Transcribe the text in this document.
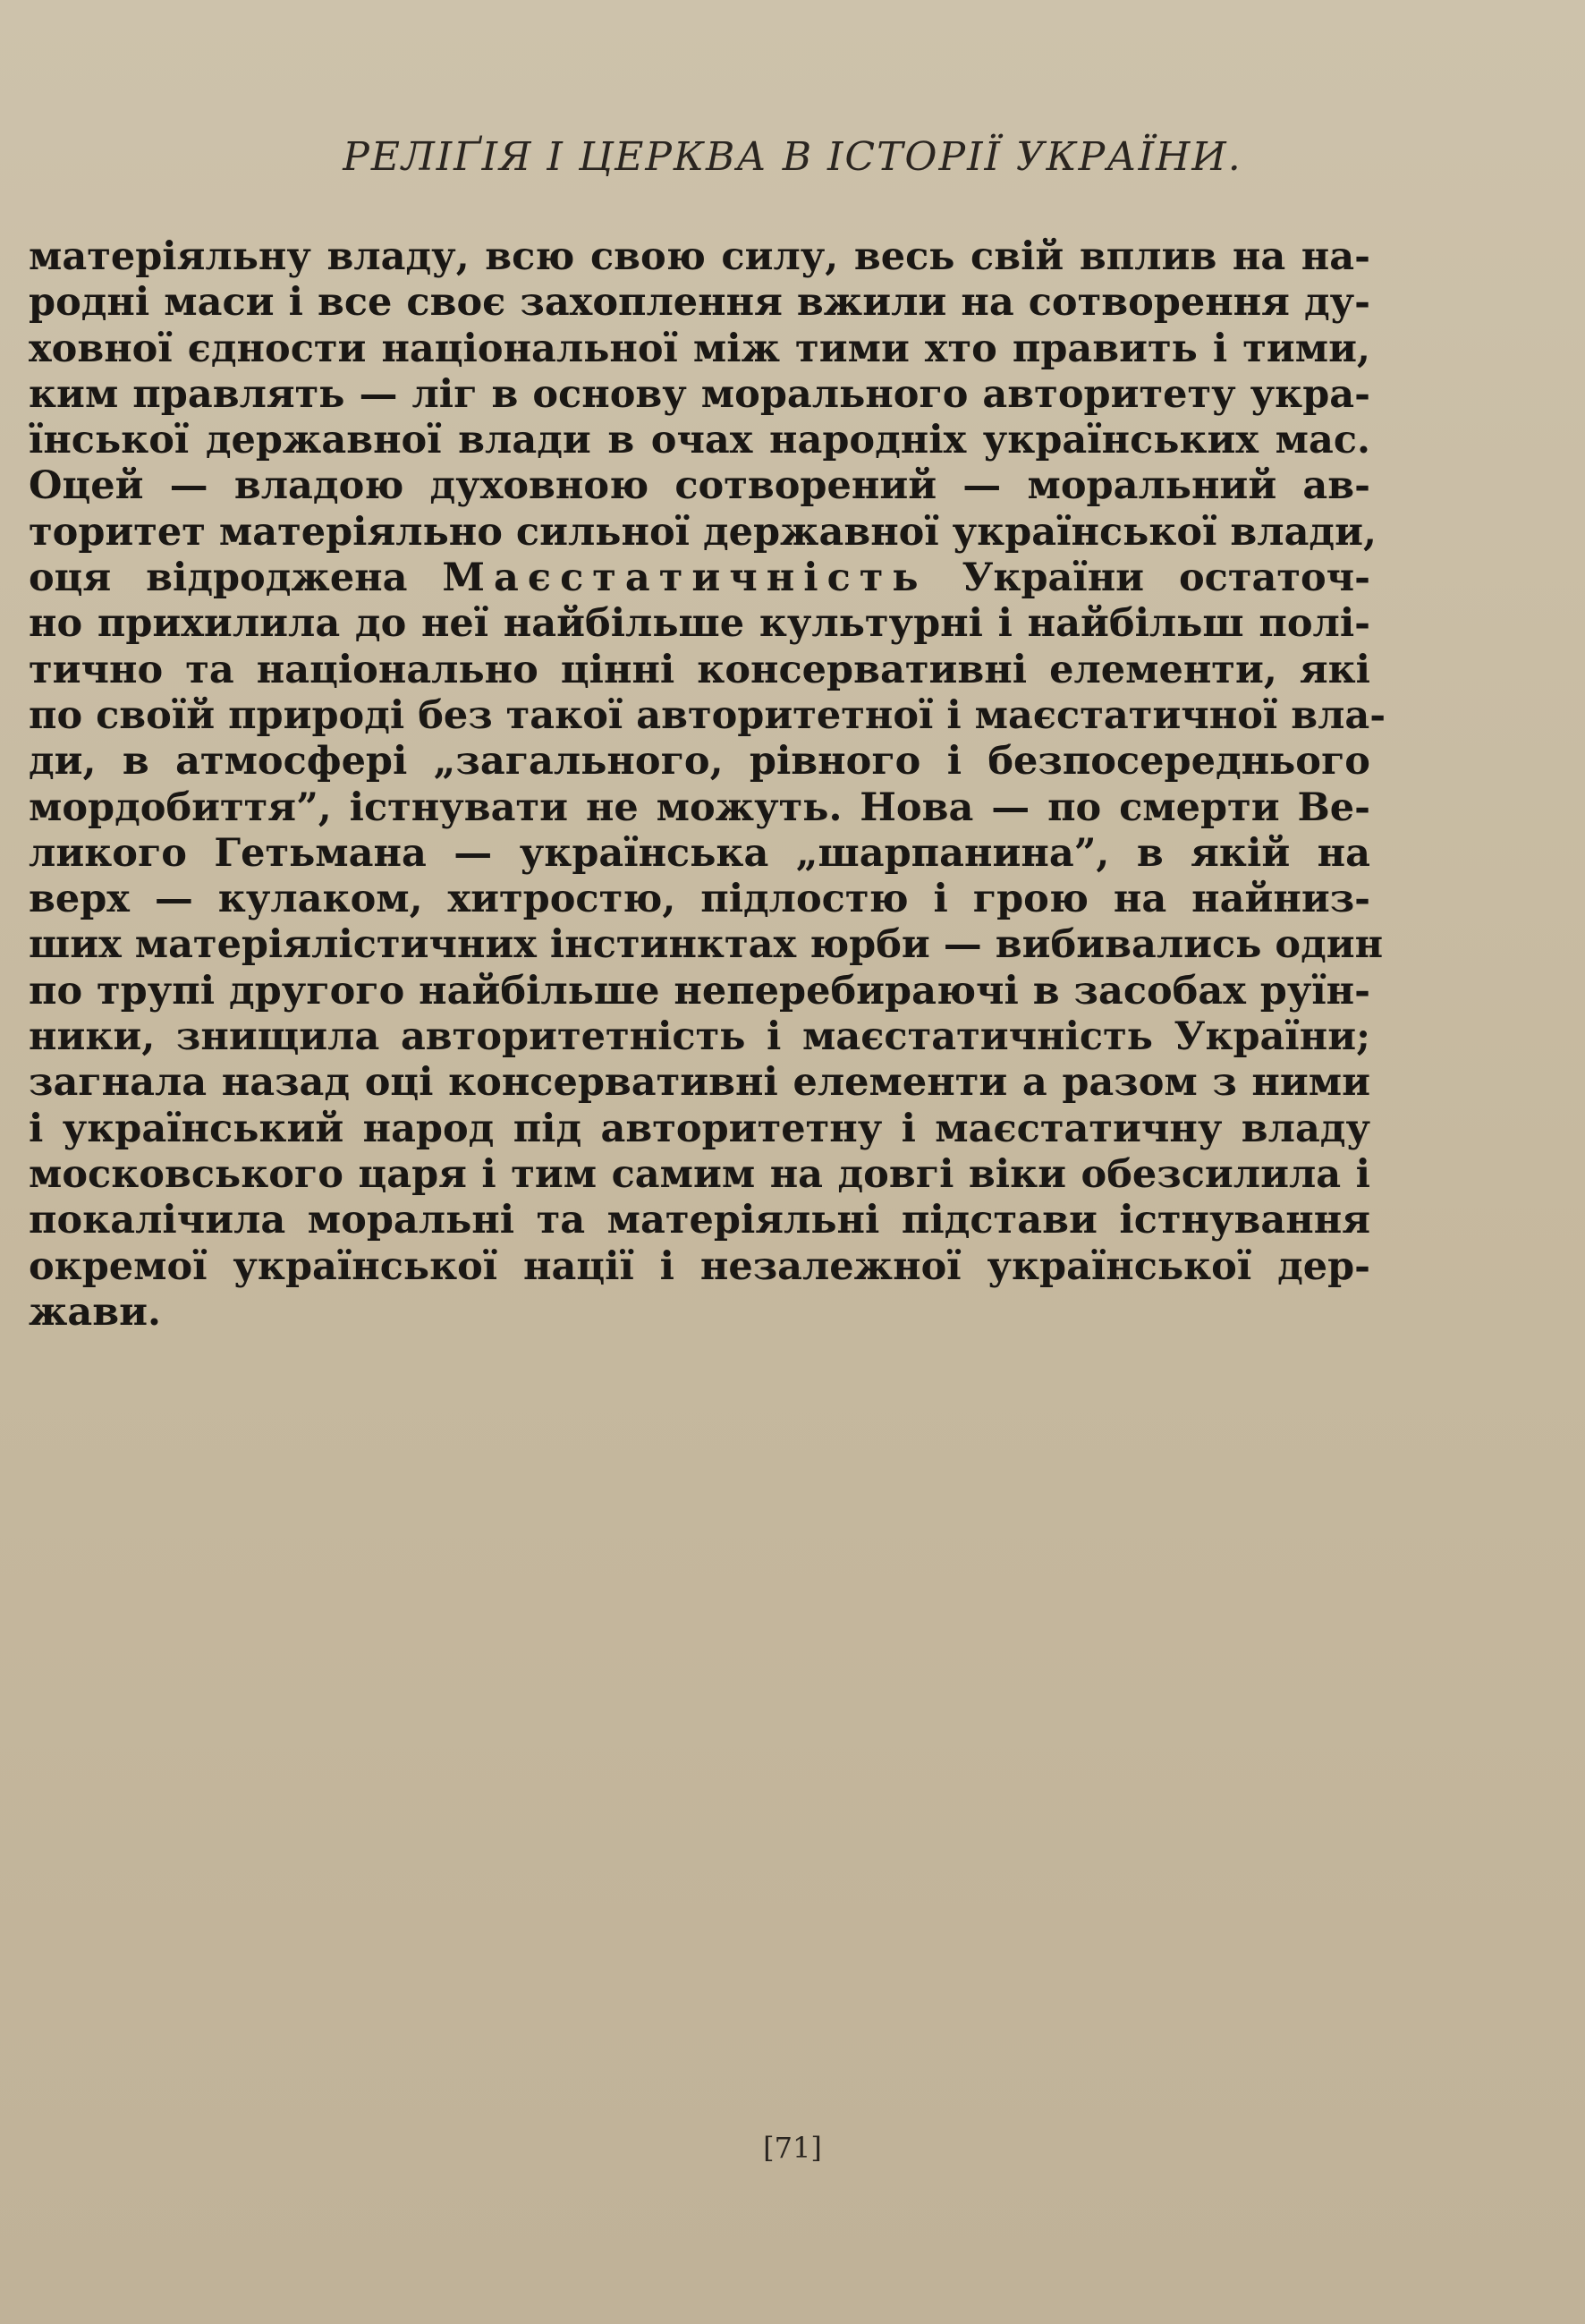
РЕЛІҐІЯ І ЦЕРКВА В ІСТОРІЇ УКРАЇНИ.
матеріяльну владу, всю свою силу, весь свій вплив на на-
родні маси і все своє захоплення вжили на сотворення ду-
ховної єдности національної між тими хто править і тими,
ким правлять — ліг в основу морального авторитету укра-
їнської державної влади в очах народніх українських мас.
Оцей — владою духовною сотворений — моральний ав-
торитет матеріяльно сильної державної української влади,
оця відроджена Маєстатичність України остаточ-
но прихилила до неї найбільше культурні і найбільш полі-
тично та національно цінні консервативні елементи, які
по своїй природі без такої авторитетної і маєстатичної вла-
ди, в атмосфері „загального, рівного і безпосереднього
мордобиття”, істнувати не можуть. Нова — по смерти Ве-
ликого Гетьмана — українська „шарпанина”, в якій на
верх — кулаком, хитростю, підлостю і грою на найниз-
ших матеріялістичних інстинктах юрби — вибивались один
по трупі другого найбільше неперебираючі в засобах руїн-
ники, знищила авторитетність і маєстатичність України;
загнала назад оці консервативні елементи а разом з ними
і український народ під авторитетну і маєстатичну владу
московського царя і тим самим на довгі віки обезсилила і
покалічила моральні та матеріяльні підстави істнування
окремої української нації і незалежної української дер-
жави.
[71]
